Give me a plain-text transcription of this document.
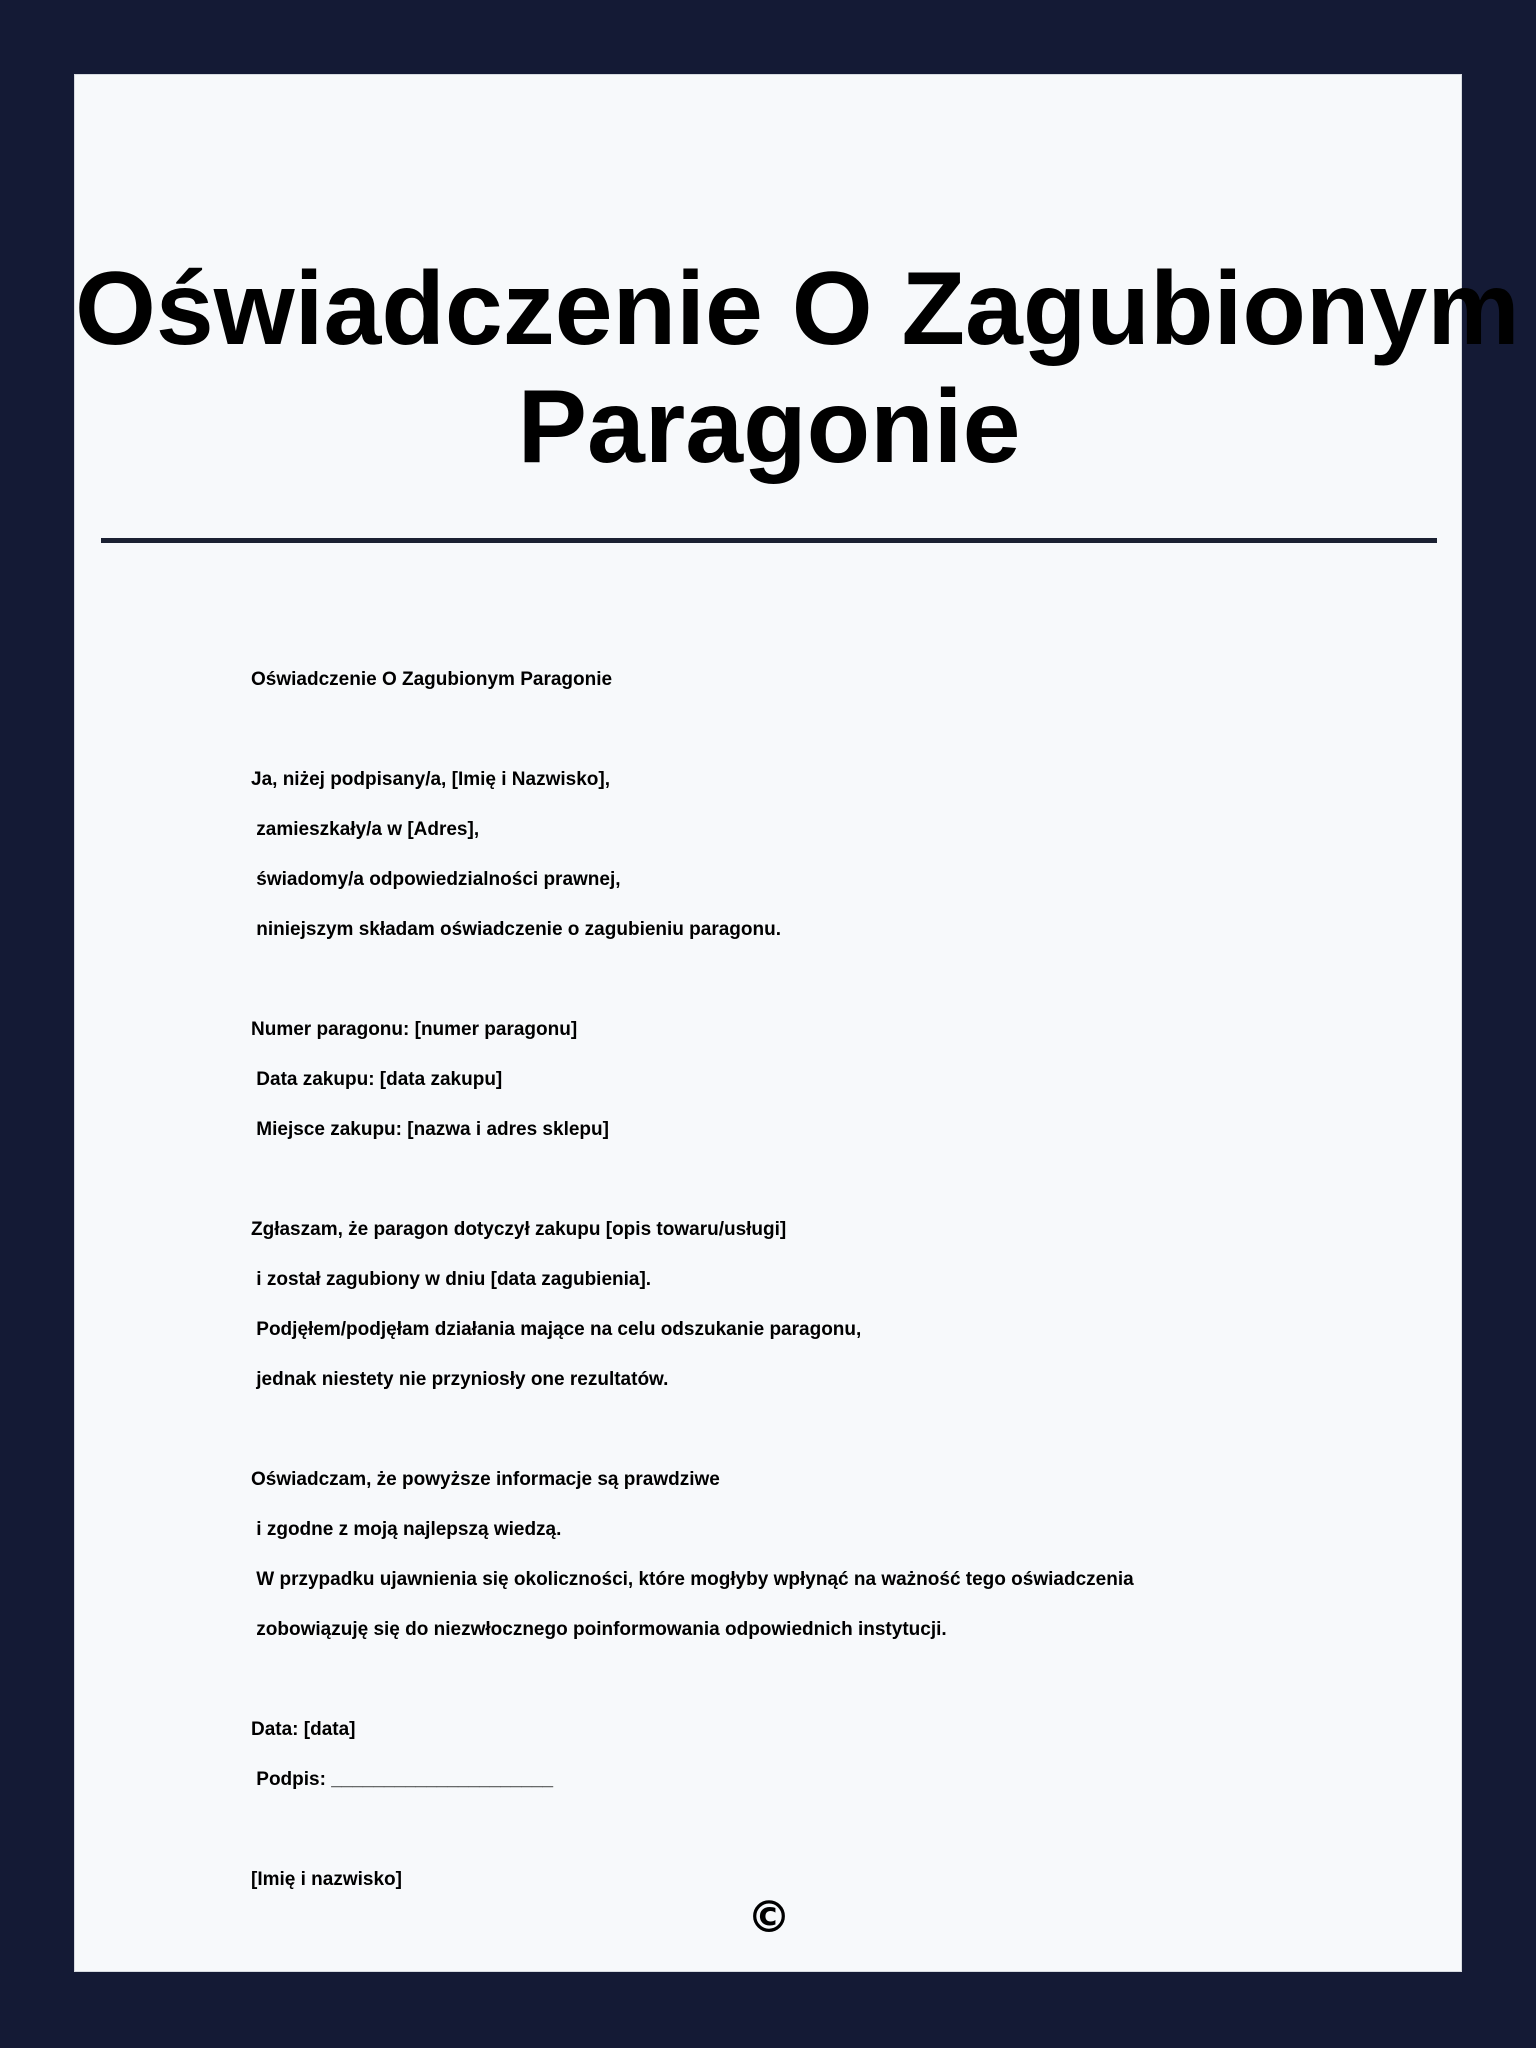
Oświadczenie O Zagubionym
Paragonie
Oświadczenie O Zagubionym Paragonie
Ja, niżej podpisany/a, [Imię i Nazwisko],
zamieszkały/a w [Adres],
świadomy/a odpowiedzialności prawnej,
niniejszym składam oświadczenie o zagubieniu paragonu.
Numer paragonu: [numer paragonu]
Data zakupu: [data zakupu]
Miejsce zakupu: [nazwa i adres sklepu]
Zgłaszam, że paragon dotyczył zakupu [opis towaru/usługi]
i został zagubiony w dniu [data zagubienia].
Podjęłem/podjęłam działania mające na celu odszukanie paragonu,
jednak niestety nie przyniosły one rezultatów.
Oświadczam, że powyższe informacje są prawdziwe
i zgodne z moją najlepszą wiedzą.
W przypadku ujawnienia się okoliczności, które mogłyby wpłynąć na ważność tego oświadczenia
zobowiązuję się do niezwłocznego poinformowania odpowiednich instytucji.
Data: [data]
Podpis: _____________________
[Imię i nazwisko]
©
